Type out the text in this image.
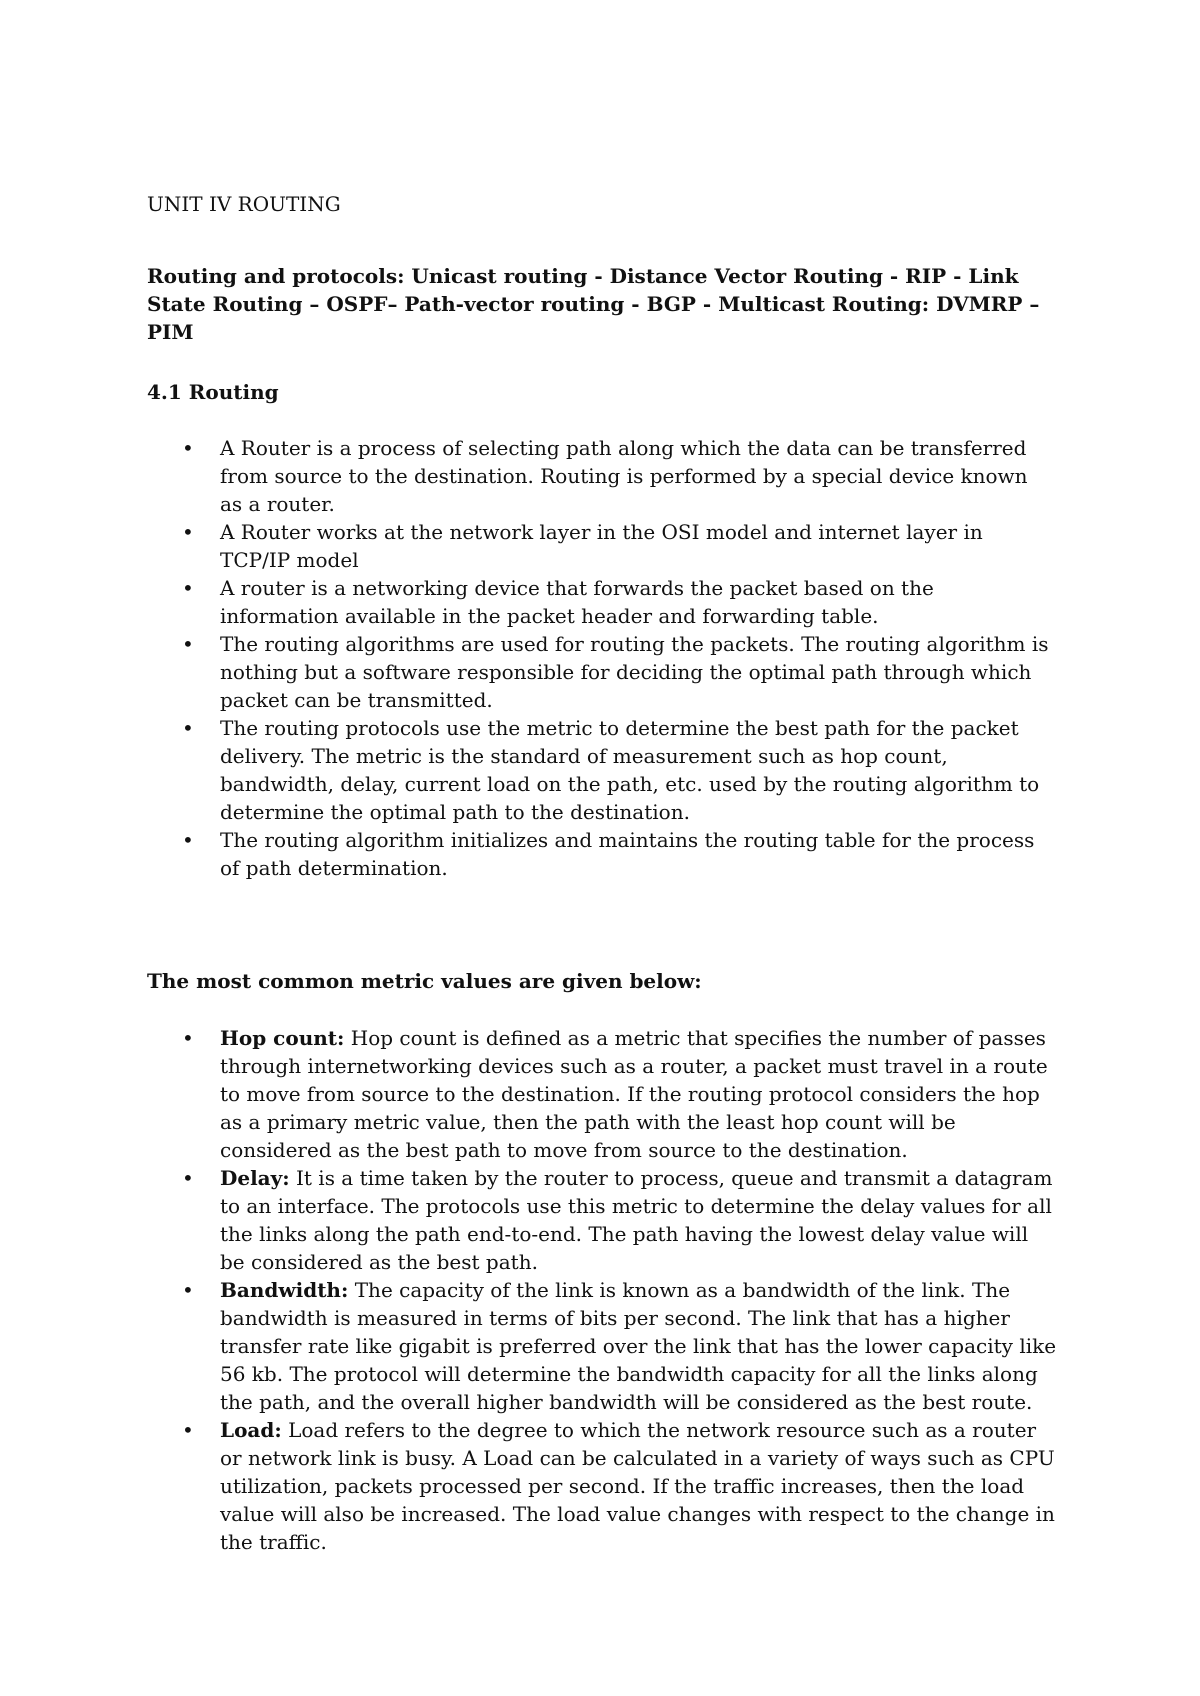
UNIT IV ROUTING

Routing and protocols: Unicast routing - Distance Vector Routing - RIP - Link State Routing – OSPF– Path-vector routing - BGP - Multicast Routing: DVMRP – PIM

4.1 Routing
• A Router is a process of selecting path along which the data can be transferred from source to the destination. Routing is performed by a special device known as a router.
• A Router works at the network layer in the OSI model and internet layer in TCP/IP model
• A router is a networking device that forwards the packet based on the information available in the packet header and forwarding table.
• The routing algorithms are used for routing the packets. The routing algorithm is nothing but a software responsible for deciding the optimal path through which packet can be transmitted.
• The routing protocols use the metric to determine the best path for the packet delivery. The metric is the standard of measurement such as hop count, bandwidth, delay, current load on the path, etc. used by the routing algorithm to determine the optimal path to the destination.
• The routing algorithm initializes and maintains the routing table for the process of path determination.
The most common metric values are given below:
• Hop count: Hop count is defined as a metric that specifies the number of passes through internetworking devices such as a router, a packet must travel in a route to move from source to the destination. If the routing protocol considers the hop as a primary metric value, then the path with the least hop count will be considered as the best path to move from source to the destination.
• Delay: It is a time taken by the router to process, queue and transmit a datagram to an interface. The protocols use this metric to determine the delay values for all the links along the path end-to-end. The path having the lowest delay value will be considered as the best path.
• Bandwidth: The capacity of the link is known as a bandwidth of the link. The bandwidth is measured in terms of bits per second. The link that has a higher transfer rate like gigabit is preferred over the link that has the lower capacity like 56 kb. The protocol will determine the bandwidth capacity for all the links along the path, and the overall higher bandwidth will be considered as the best route.
• Load: Load refers to the degree to which the network resource such as a router or network link is busy. A Load can be calculated in a variety of ways such as CPU utilization, packets processed per second. If the traffic increases, then the load value will also be increased. The load value changes with respect to the change in the traffic.
